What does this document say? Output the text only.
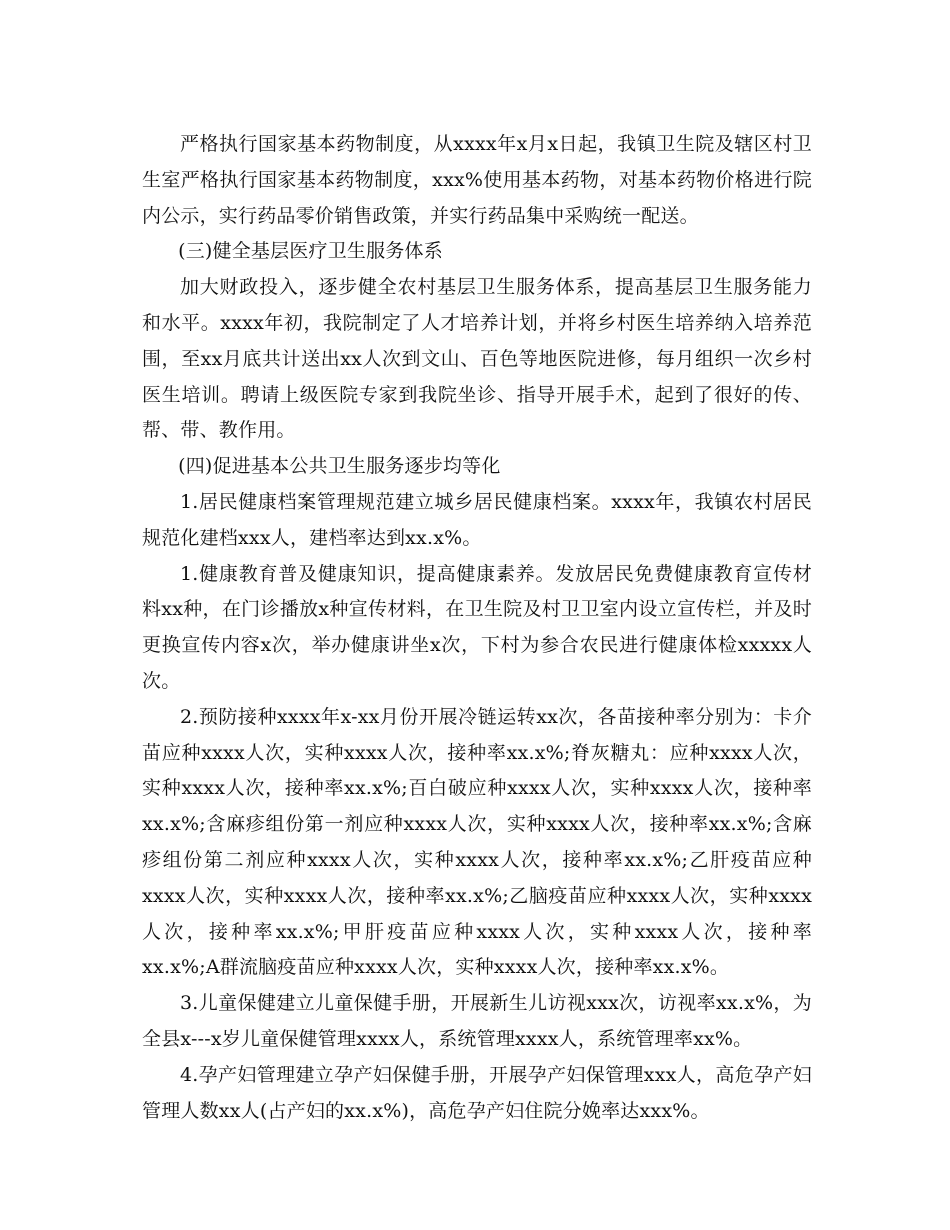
严格执行国家基本药物制度，从xxxx年x月x日起，我镇卫生院及辖区村卫生室严格执行国家基本药物制度，xxx%使用基本药物，对基本药物价格进行院内公示，实行药品零价销售政策，并实行药品集中采购统一配送。

(三)健全基层医疗卫生服务体系

加大财政投入，逐步健全农村基层卫生服务体系，提高基层卫生服务能力和水平。xxxx年初，我院制定了人才培养计划，并将乡村医生培养纳入培养范围，至xx月底共计送出xx人次到文山、百色等地医院进修，每月组织一次乡村医生培训。聘请上级医院专家到我院坐诊、指导开展手术，起到了很好的传、帮、带、教作用。

(四)促进基本公共卫生服务逐步均等化

1.居民健康档案管理规范建立城乡居民健康档案。xxxx年，我镇农村居民规范化建档xxx人，建档率达到xx.x%。

1.健康教育普及健康知识，提高健康素养。发放居民免费健康教育宣传材料xx种，在门诊播放x种宣传材料，在卫生院及村卫卫室内设立宣传栏，并及时更换宣传内容x次，举办健康讲坐x次，下村为参合农民进行健康体检xxxxx人次。

2.预防接种xxxx年x-xx月份开展冷链运转xx次，各苗接种率分别为：卡介苗应种xxxx人次，实种xxxx人次，接种率xx.x%;脊灰糖丸：应种xxxx人次，实种xxxx人次，接种率xx.x%;百白破应种xxxx人次，实种xxxx人次，接种率xx.x%;含麻疹组份第一剂应种xxxx人次，实种xxxx人次，接种率xx.x%;含麻疹组份第二剂应种xxxx人次，实种xxxx人次，接种率xx.x%;乙肝疫苗应种xxxx人次，实种xxxx人次，接种率xx.x%;乙脑疫苗应种xxxx人次，实种xxxx人次，接种率xx.x%;甲肝疫苗应种xxxx人次，实种xxxx人次，接种率xx.x%;A群流脑疫苗应种xxxx人次，实种xxxx人次，接种率xx.x%。

3.儿童保健建立儿童保健手册，开展新生儿访视xxx次，访视率xx.x%，为全县x---x岁儿童保健管理xxxx人，系统管理xxxx人，系统管理率xx%。

4.孕产妇管理建立孕产妇保健手册，开展孕产妇保管理xxx人，高危孕产妇管理人数xx人(占产妇的xx.x%)，高危孕产妇住院分娩率达xxx%。
